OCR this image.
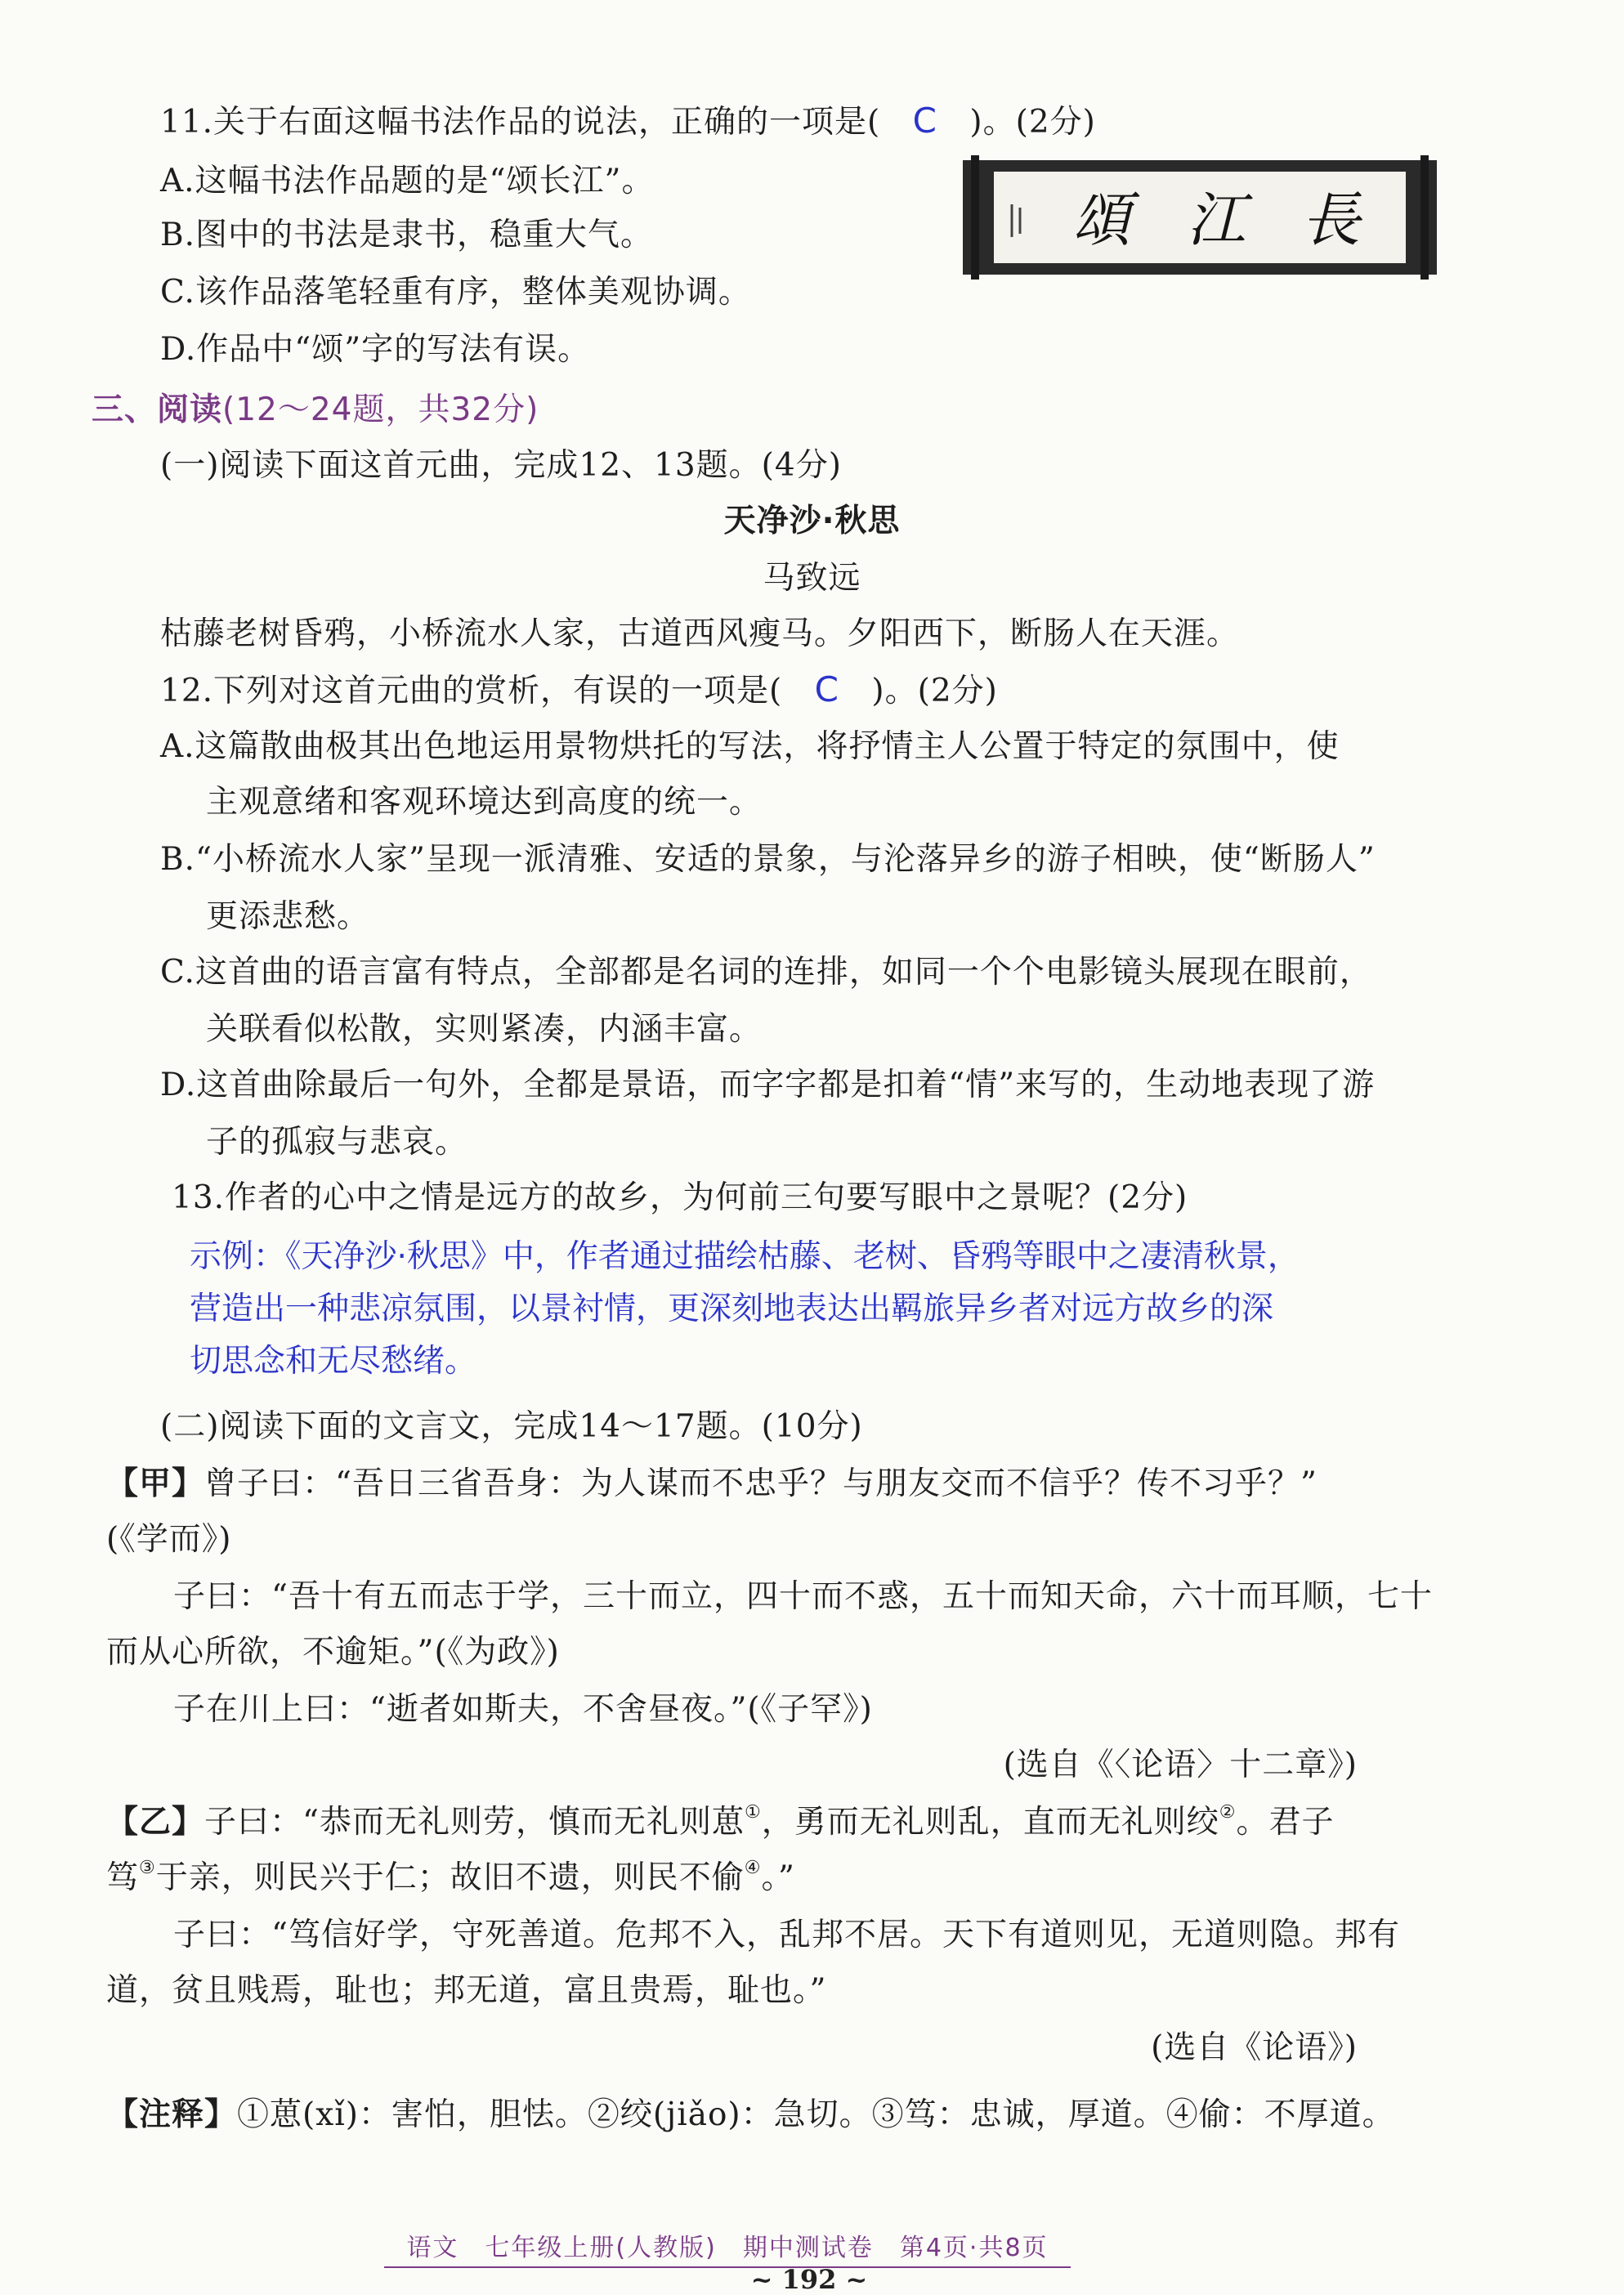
11.关于右面这幅书法作品的说法，正确的一项是( C )。(2分)
A.这幅书法作品题的是“颂长江”。
B.图中的书法是隶书，稳重大气。
C.该作品落笔轻重有序，整体美观协调。
D.作品中“颂”字的写法有误。
頌 江 長
三、阅读(12～24题，共32分)
(一)阅读下面这首元曲，完成12、13题。(4分)
天净沙·秋思
马致远
枯藤老树昏鸦，小桥流水人家，古道西风瘦马。夕阳西下，断肠人在天涯。
12.下列对这首元曲的赏析，有误的一项是( C )。(2分)
A.这篇散曲极其出色地运用景物烘托的写法，将抒情主人公置于特定的氛围中，使
主观意绪和客观环境达到高度的统一。
B.“小桥流水人家”呈现一派清雅、安适的景象，与沦落异乡的游子相映，使“断肠人”
更添悲愁。
C.这首曲的语言富有特点，全部都是名词的连排，如同一个个电影镜头展现在眼前，
关联看似松散，实则紧凑，内涵丰富。
D.这首曲除最后一句外，全都是景语，而字字都是扣着“情”来写的，生动地表现了游
子的孤寂与悲哀。
13.作者的心中之情是远方的故乡，为何前三句要写眼中之景呢？(2分)
示例：《天净沙·秋思》中，作者通过描绘枯藤、老树、昏鸦等眼中之凄清秋景，
营造出一种悲凉氛围，以景衬情，更深刻地表达出羁旅异乡者对远方故乡的深
切思念和无尽愁绪。
(二)阅读下面的文言文，完成14～17题。(10分)
【甲】曾子曰：“吾日三省吾身：为人谋而不忠乎？与朋友交而不信乎？传不习乎？”
(《学而》)
子曰：“吾十有五而志于学，三十而立，四十而不惑，五十而知天命，六十而耳顺，七十
而从心所欲，不逾矩。”(《为政》)
子在川上曰：“逝者如斯夫，不舍昼夜。”(《子罕》)
(选自《〈论语〉十二章》)
【乙】子曰：“恭而无礼则劳，慎而无礼则葸①，勇而无礼则乱，直而无礼则绞②。君子
笃③于亲，则民兴于仁；故旧不遗，则民不偷④。”
子曰：“笃信好学，守死善道。危邦不入，乱邦不居。天下有道则见，无道则隐。邦有
道，贫且贱焉，耻也；邦无道，富且贵焉，耻也。”
(选自《论语》)
【注释】①葸(xǐ)：害怕，胆怯。②绞(jiǎo)：急切。③笃：忠诚，厚道。④偷：不厚道。
语文　七年级上册(人教版)　期中测试卷　第4页·共8页
~ 192 ~
